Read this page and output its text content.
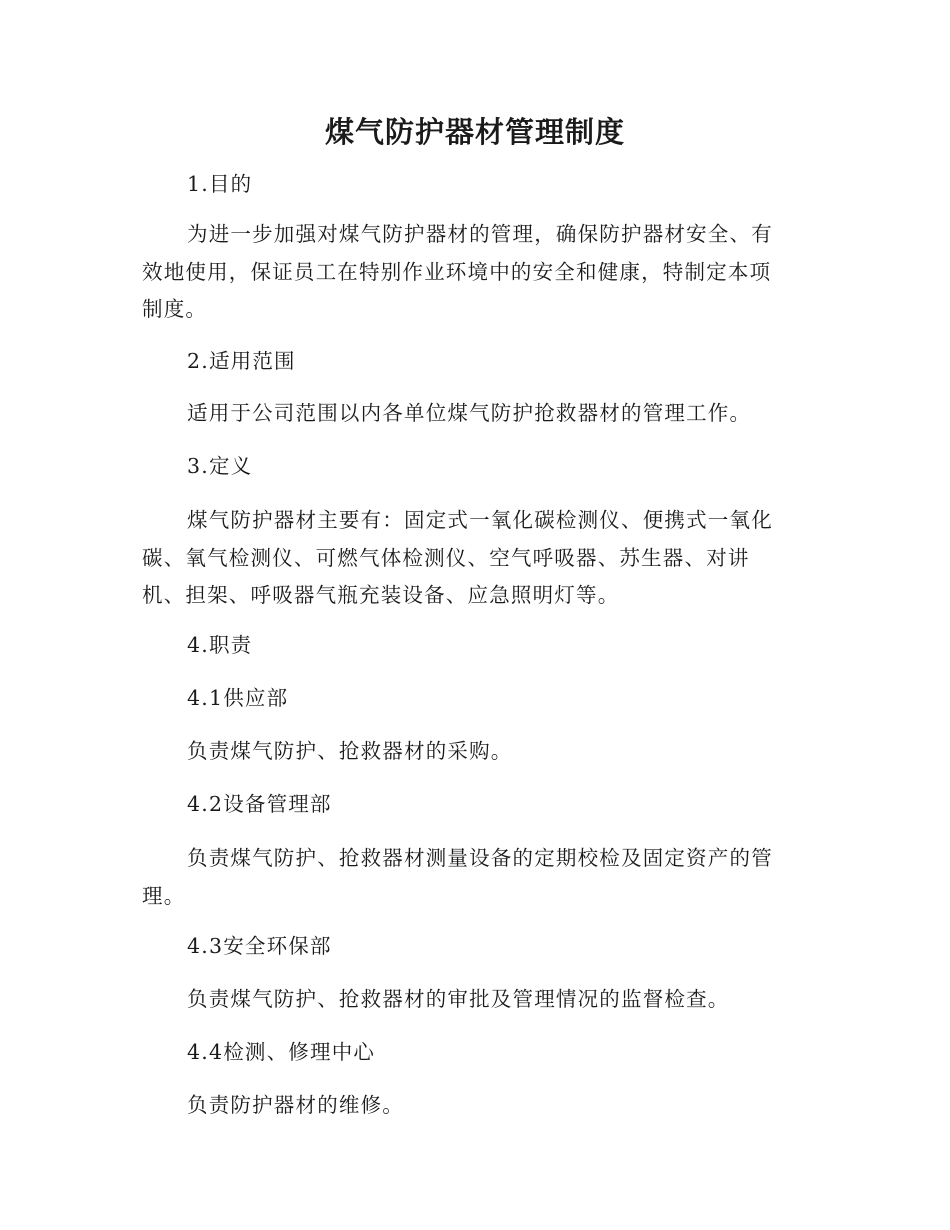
煤气防护器材管理制度

1.目的

为进一步加强对煤气防护器材的管理，确保防护器材安全、有效地使用，保证员工在特别作业环境中的安全和健康，特制定本项制度。

2.适用范围

适用于公司范围以内各单位煤气防护抢救器材的管理工作。

3.定义

煤气防护器材主要有：固定式一氧化碳检测仪、便携式一氧化碳、氧气检测仪、可燃气体检测仪、空气呼吸器、苏生器、对讲机、担架、呼吸器气瓶充装设备、应急照明灯等。

4.职责

4.1供应部

负责煤气防护、抢救器材的采购。

4.2设备管理部

负责煤气防护、抢救器材测量设备的定期校检及固定资产的管理。

4.3安全环保部

负责煤气防护、抢救器材的审批及管理情况的监督检查。

4.4检测、修理中心

负责防护器材的维修。
